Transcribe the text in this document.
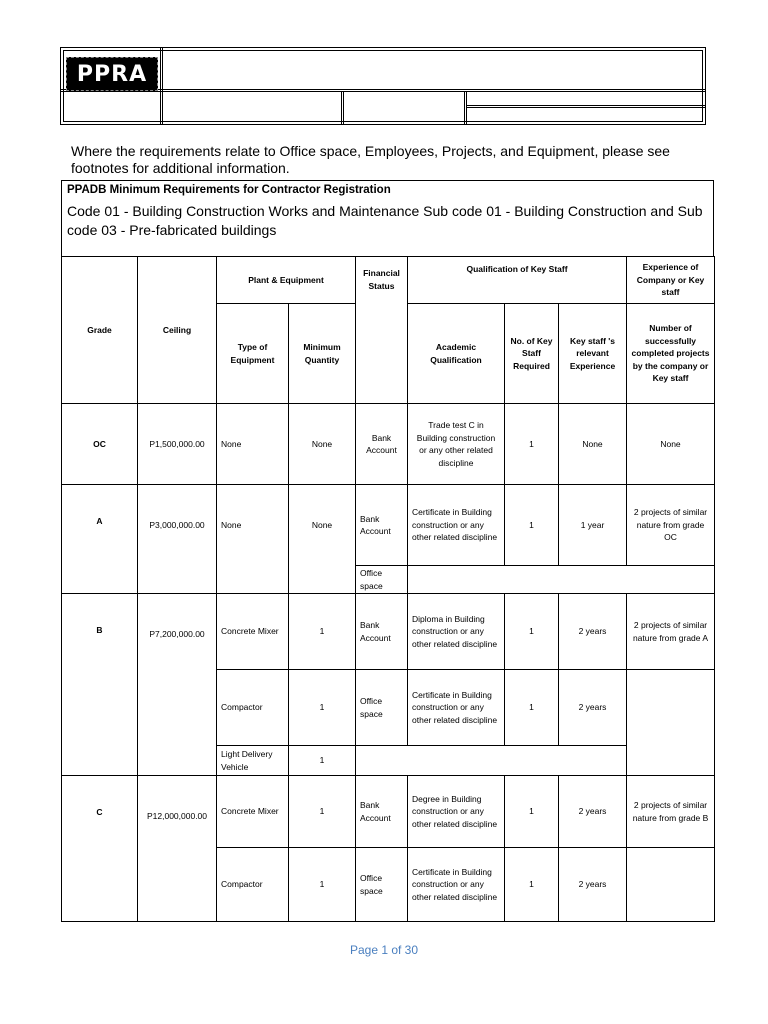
PPRA
Where the requirements relate to Office space, Employees, Projects, and Equipment, please see footnotes for additional information.
PPADB Minimum Requirements for Contractor Registration
Code 01 - Building Construction Works and Maintenance Sub code 01 - Building Construction and Sub code 03 - Pre-fabricated buildings
Grade	Ceiling	Plant & Equipment		Financial Status	Qualification of Key Staff			Experience of Company or Key staff
		Type of Equipment	Minimum Quantity		Academic Qualification	No. of Key Staff Required	Key staff 's relevant Experience	Number of successfully completed projects by the company or Key staff
OC	P1,500,000.00	None	None	Bank Account	Trade test C in Building construction or any other related discipline	1	None	None
A	P3,000,000.00	None	None	Bank Account	Certificate in Building construction or any other related discipline	1	1 year	2 projects of similar nature from grade OC
				Office space				
B	P7,200,000.00	Concrete Mixer	1	Bank Account	Diploma in Building construction or any other related discipline	1	2 years	2 projects of similar nature from grade A
		Compactor	1	Office space	Certificate in Building construction or any other related discipline	1	2 years	
		Light Delivery Vehicle	1					
C	P12,000,000.00	Concrete Mixer	1	Bank Account	Degree in Building construction or any other related discipline	1	2 years	2 projects of similar nature from grade B
		Compactor	1	Office space	Certificate in Building construction or any other related discipline	1	2 years	
Page 1 of 30
